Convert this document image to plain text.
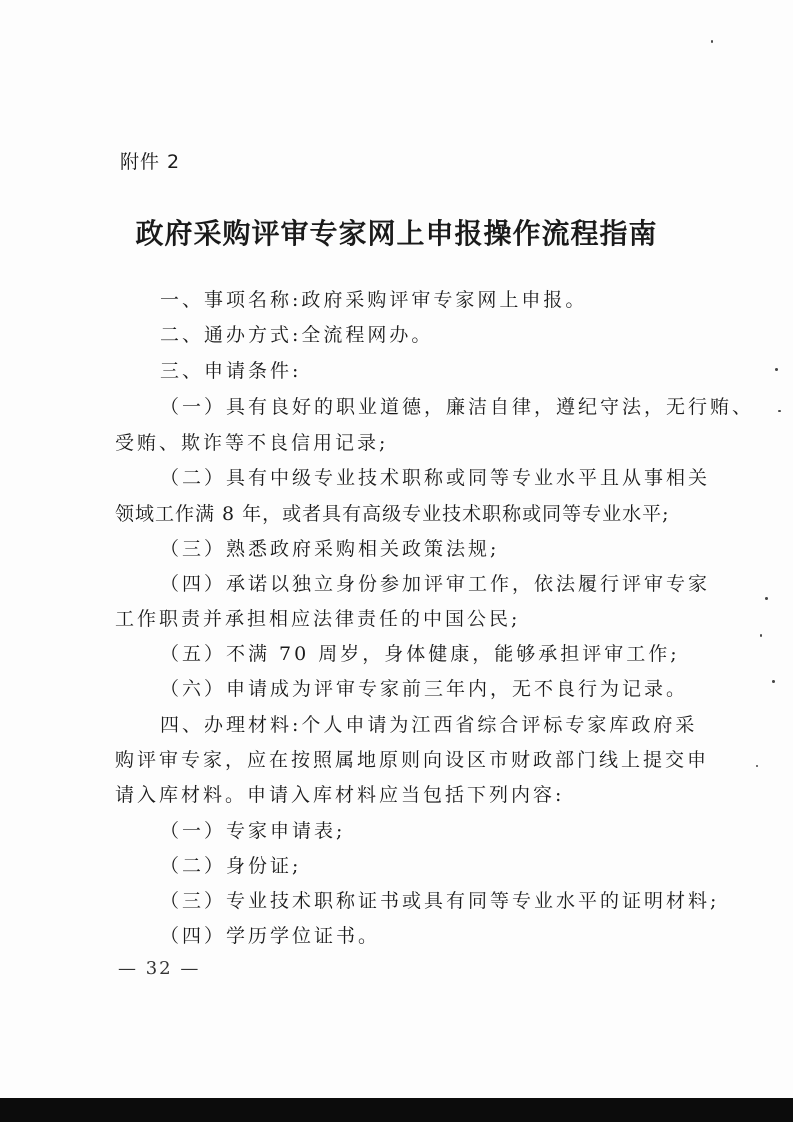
附件 2
政府采购评审专家网上申报操作流程指南
一、事项名称:政府采购评审专家网上申报。
二、通办方式:全流程网办。
三、申请条件:
（一）具有良好的职业道德，廉洁自律，遵纪守法，无行贿、
受贿、欺诈等不良信用记录;
（二）具有中级专业技术职称或同等专业水平且从事相关
领域工作满 8 年，或者具有高级专业技术职称或同等专业水平;
（三）熟悉政府采购相关政策法规;
（四）承诺以独立身份参加评审工作，依法履行评审专家
工作职责并承担相应法律责任的中国公民;
（五）不满 70 周岁，身体健康，能够承担评审工作;
（六）申请成为评审专家前三年内，无不良行为记录。
四、办理材料:个人申请为江西省综合评标专家库政府采
购评审专家，应在按照属地原则向设区市财政部门线上提交申
请入库材料。申请入库材料应当包括下列内容:
（一）专家申请表;
（二）身份证;
（三）专业技术职称证书或具有同等专业水平的证明材料;
（四）学历学位证书。
— 32 —
